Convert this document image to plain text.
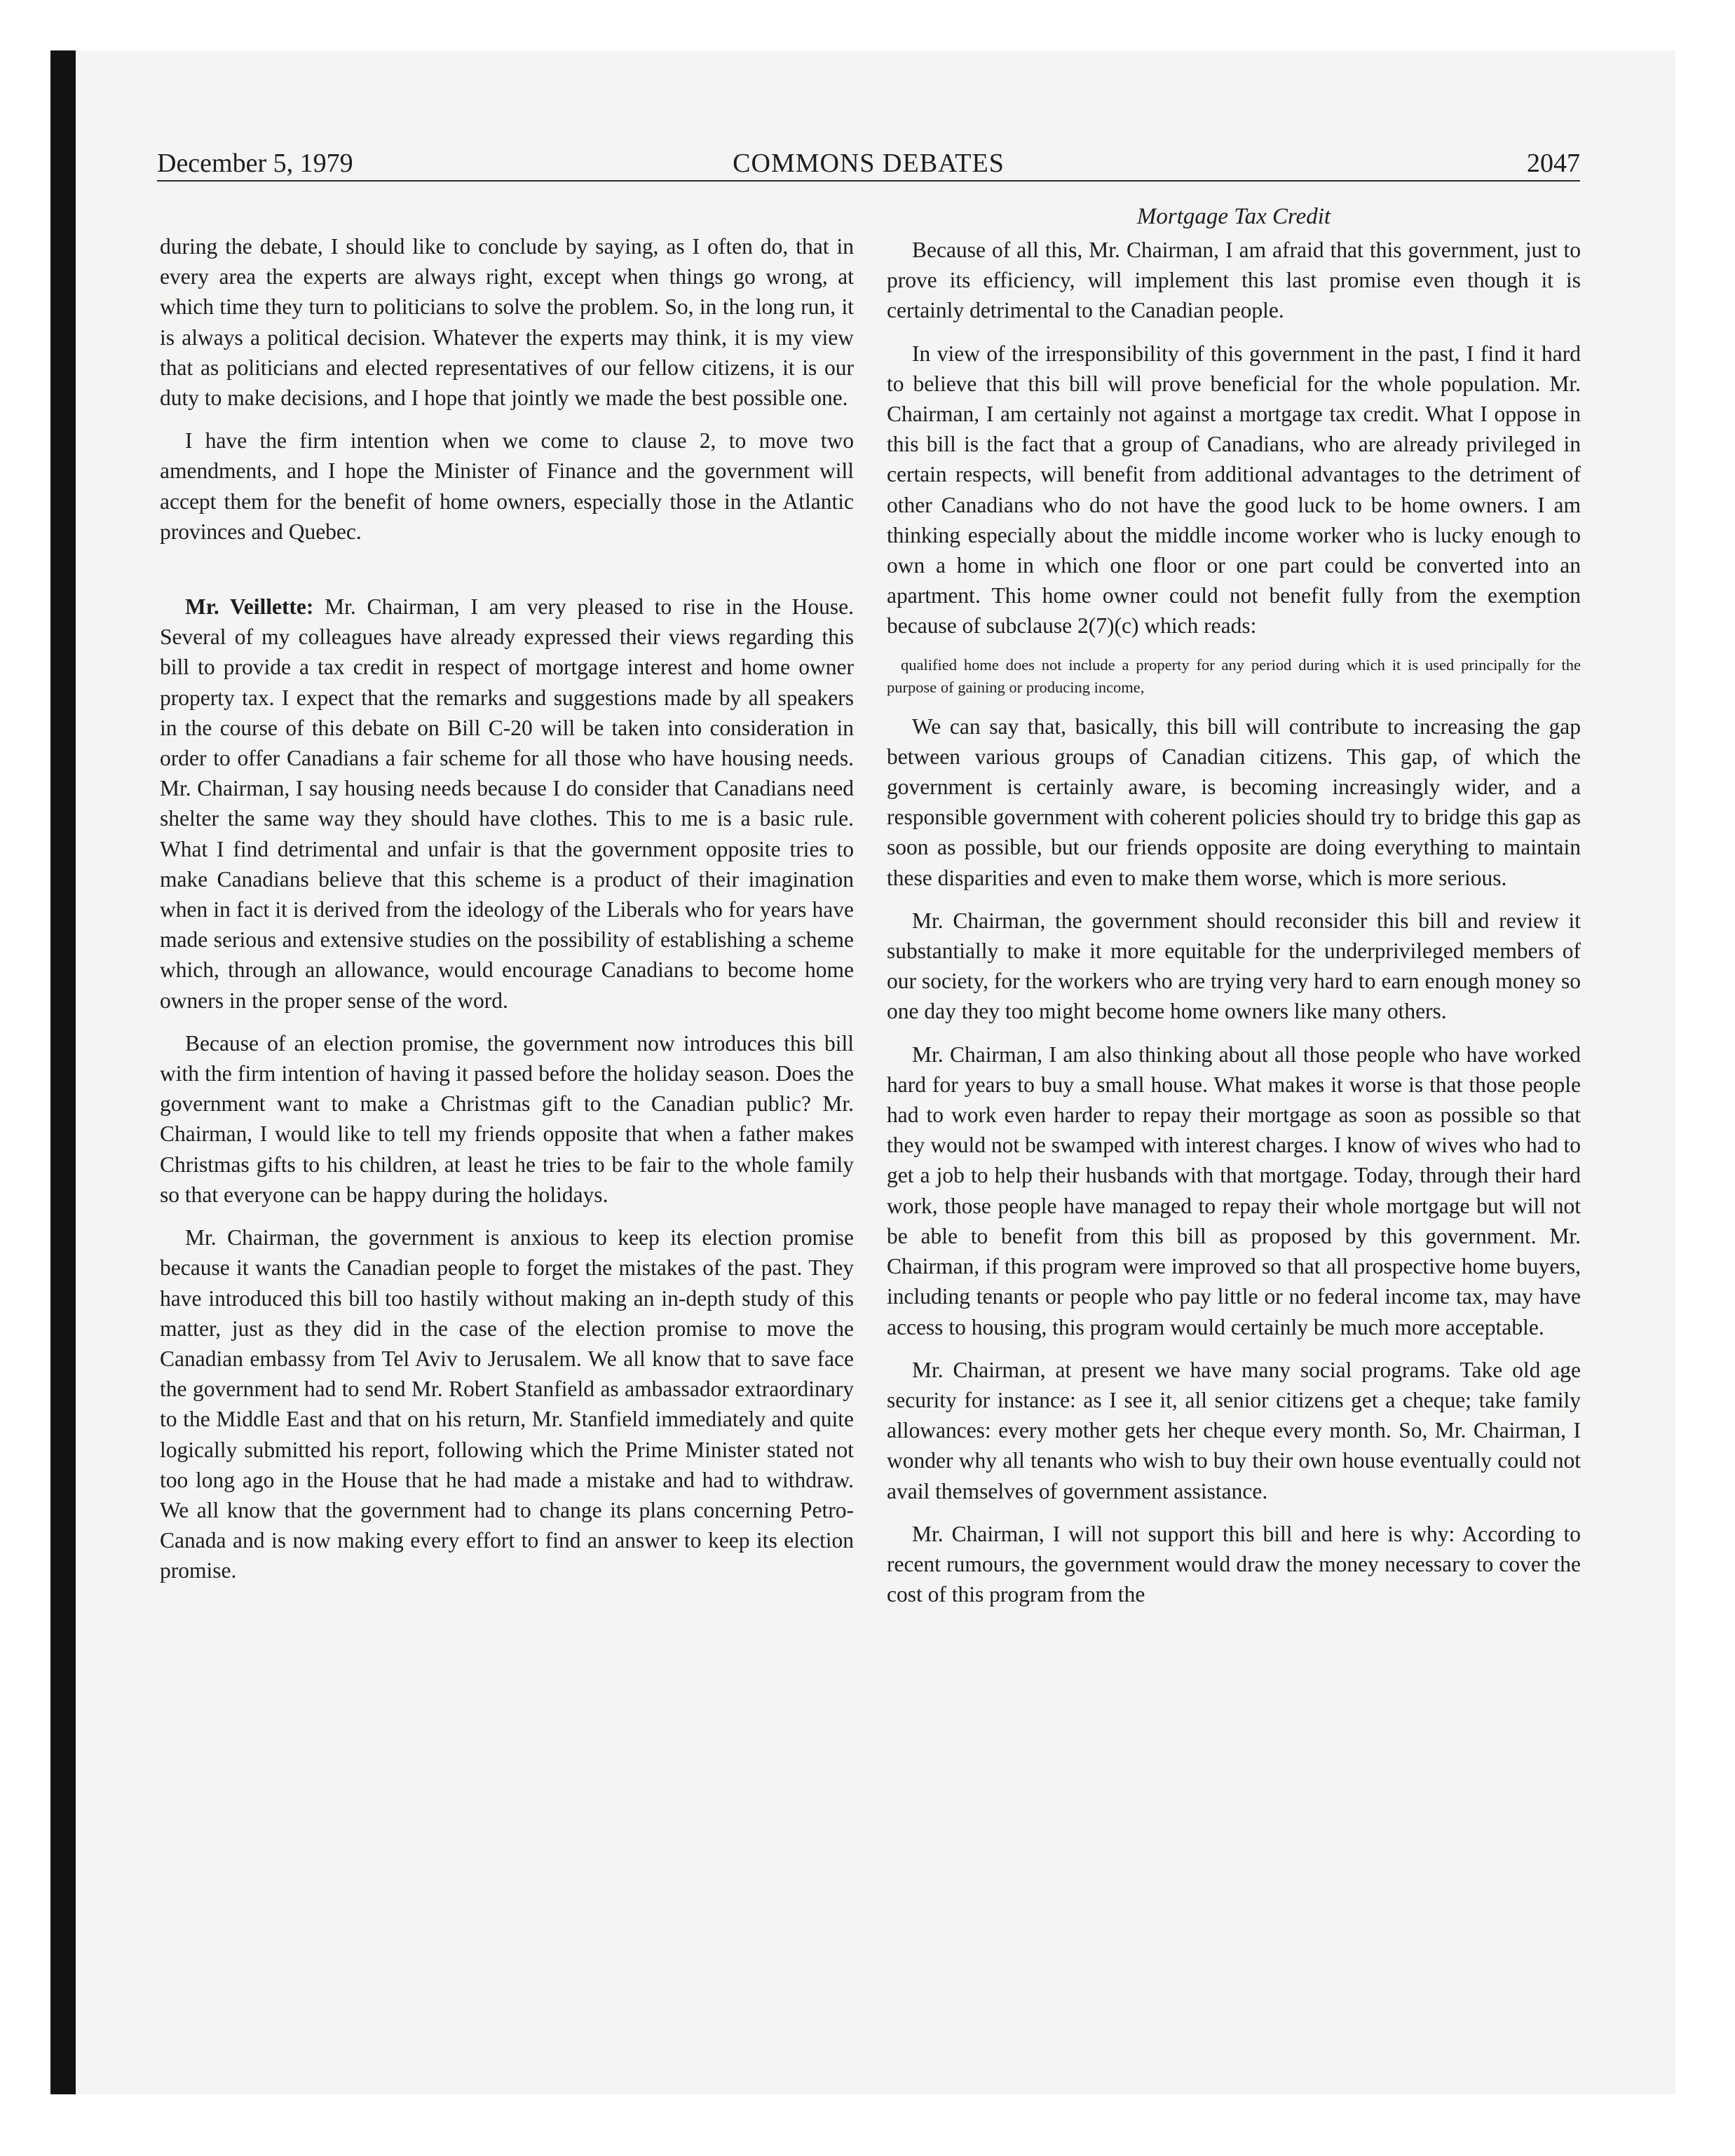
December 5, 1979	COMMONS DEBATES	2047

during the debate, I should like to conclude by saying, as I often do, that in every area the experts are always right, except when things go wrong, at which time they turn to politicians to solve the problem. So, in the long run, it is always a political decision. Whatever the experts may think, it is my view that as politicians and elected representatives of our fellow citizens, it is our duty to make decisions, and I hope that jointly we made the best possible one.

I have the firm intention when we come to clause 2, to move two amendments, and I hope the Minister of Finance and the government will accept them for the benefit of home owners, especially those in the Atlantic provinces and Quebec.

Mr. Veillette: Mr. Chairman, I am very pleased to rise in the House. Several of my colleagues have already expressed their views regarding this bill to provide a tax credit in respect of mortgage interest and home owner property tax. I expect that the remarks and suggestions made by all speakers in the course of this debate on Bill C-20 will be taken into consideration in order to offer Canadians a fair scheme for all those who have housing needs. Mr. Chairman, I say housing needs because I do consider that Canadians need shelter the same way they should have clothes. This to me is a basic rule. What I find detrimental and unfair is that the government opposite tries to make Canadians believe that this scheme is a product of their imagination when in fact it is derived from the ideology of the Liberals who for years have made serious and extensive studies on the possibility of establishing a scheme which, through an allowance, would encourage Canadians to become home owners in the proper sense of the word.

Because of an election promise, the government now introduces this bill with the firm intention of having it passed before the holiday season. Does the government want to make a Christmas gift to the Canadian public? Mr. Chairman, I would like to tell my friends opposite that when a father makes Christmas gifts to his children, at least he tries to be fair to the whole family so that everyone can be happy during the holidays.

Mr. Chairman, the government is anxious to keep its election promise because it wants the Canadian people to forget the mistakes of the past. They have introduced this bill too hastily without making an in-depth study of this matter, just as they did in the case of the election promise to move the Canadian embassy from Tel Aviv to Jerusalem. We all know that to save face the government had to send Mr. Robert Stanfield as ambassador extraordinary to the Middle East and that on his return, Mr. Stanfield immediately and quite logically submitted his report, following which the Prime Minister stated not too long ago in the House that he had made a mistake and had to withdraw. We all know that the government had to change its plans concerning Petro-Canada and is now making every effort to find an answer to keep its election promise.

Mortgage Tax Credit

Because of all this, Mr. Chairman, I am afraid that this government, just to prove its efficiency, will implement this last promise even though it is certainly detrimental to the Canadian people.

In view of the irresponsibility of this government in the past, I find it hard to believe that this bill will prove beneficial for the whole population. Mr. Chairman, I am certainly not against a mortgage tax credit. What I oppose in this bill is the fact that a group of Canadians, who are already privileged in certain respects, will benefit from additional advantages to the detriment of other Canadians who do not have the good luck to be home owners. I am thinking especially about the middle income worker who is lucky enough to own a home in which one floor or one part could be converted into an apartment. This home owner could not benefit fully from the exemption because of subclause 2(7)(c) which reads:

qualified home does not include a property for any period during which it is used principally for the purpose of gaining or producing income,

We can say that, basically, this bill will contribute to increasing the gap between various groups of Canadian citizens. This gap, of which the government is certainly aware, is becoming increasingly wider, and a responsible government with coherent policies should try to bridge this gap as soon as possible, but our friends opposite are doing everything to maintain these disparities and even to make them worse, which is more serious.

Mr. Chairman, the government should reconsider this bill and review it substantially to make it more equitable for the underprivileged members of our society, for the workers who are trying very hard to earn enough money so one day they too might become home owners like many others.

Mr. Chairman, I am also thinking about all those people who have worked hard for years to buy a small house. What makes it worse is that those people had to work even harder to repay their mortgage as soon as possible so that they would not be swamped with interest charges. I know of wives who had to get a job to help their husbands with that mortgage. Today, through their hard work, those people have managed to repay their whole mortgage but will not be able to benefit from this bill as proposed by this government. Mr. Chairman, if this program were improved so that all prospective home buyers, including tenants or people who pay little or no federal income tax, may have access to housing, this program would certainly be much more acceptable.

Mr. Chairman, at present we have many social programs. Take old age security for instance: as I see it, all senior citizens get a cheque; take family allowances: every mother gets her cheque every month. So, Mr. Chairman, I wonder why all tenants who wish to buy their own house eventually could not avail themselves of government assistance.

Mr. Chairman, I will not support this bill and here is why: According to recent rumours, the government would draw the money necessary to cover the cost of this program from the
